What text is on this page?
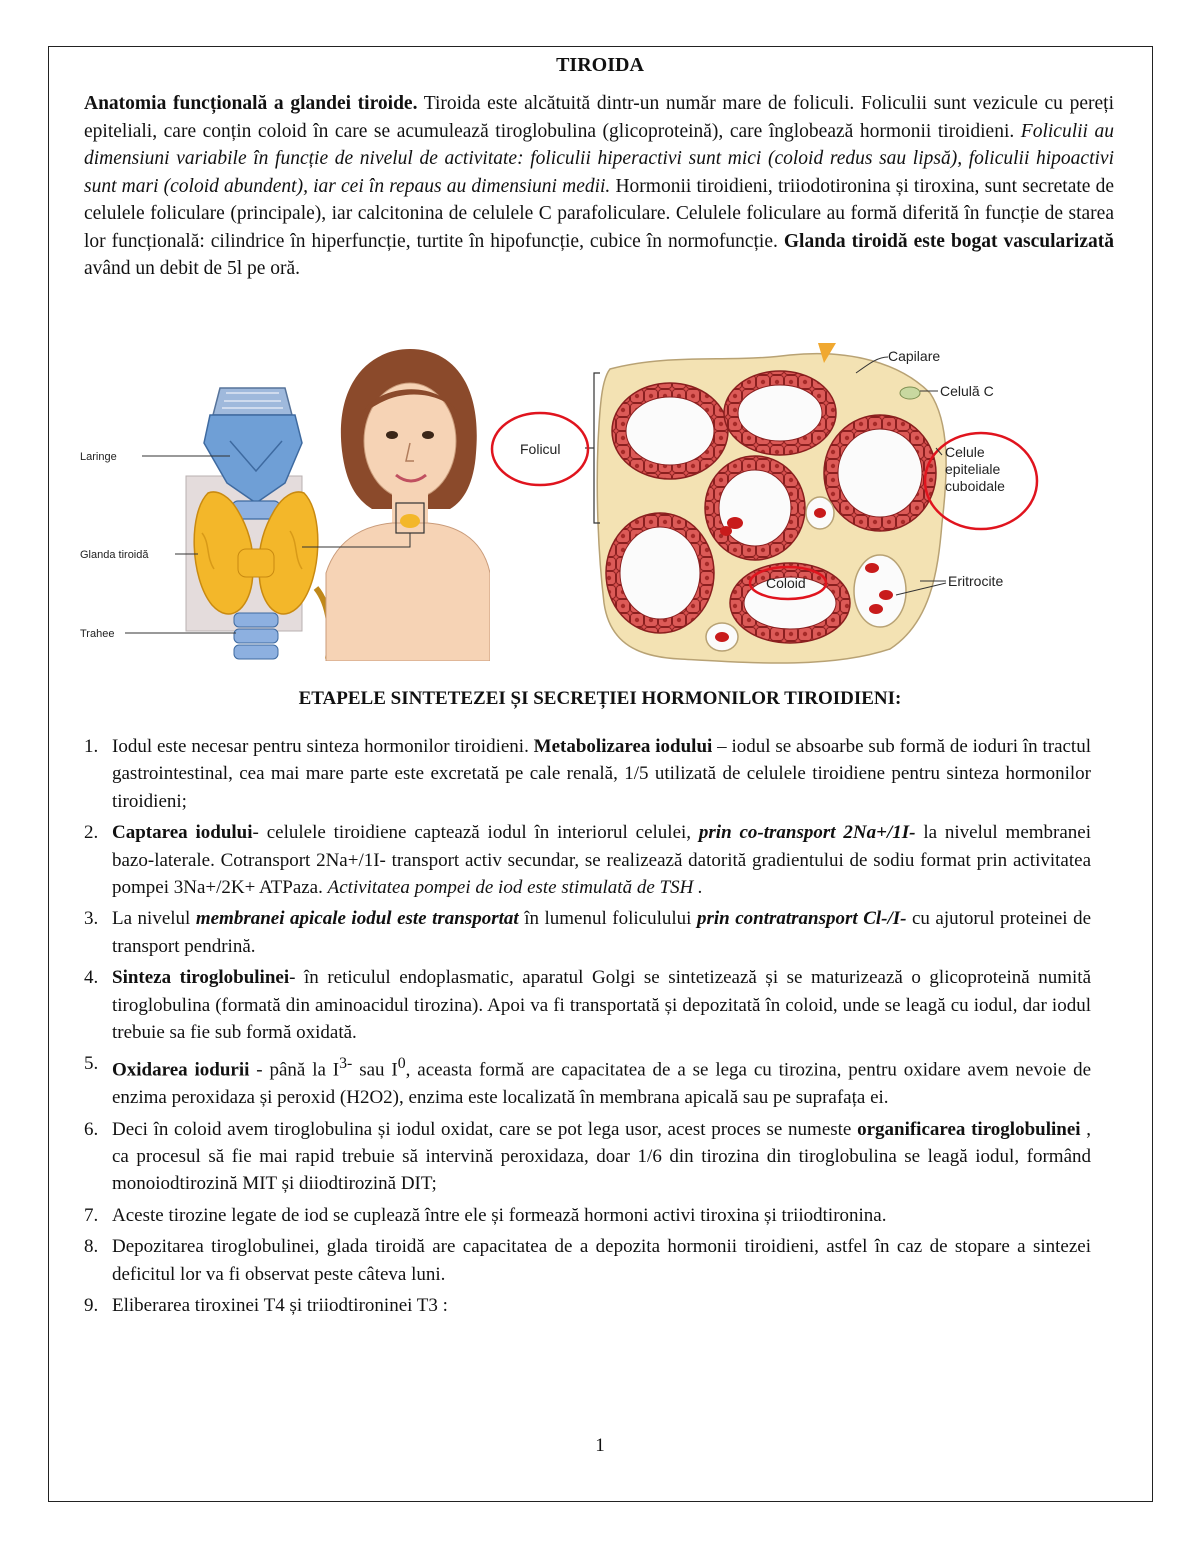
TIROIDA
Anatomia funcțională a glandei tiroide. Tiroida este alcătuită dintr-un număr mare de foliculi. Foliculii sunt vezicule cu pereți epiteliali, care conțin coloid în care se acumulează tiroglobulina (glicoproteină), care înglobează hormonii tiroidieni. Foliculii au dimensiuni variabile în funcție de nivelul de activitate: foliculii hiperactivi sunt mici (coloid redus sau lipsă), foliculii hipoactivi sunt mari (coloid abundent), iar cei în repaus au dimensiuni medii. Hormonii tiroidieni, triiodotironina și tiroxina, sunt secretate de celulele foliculare (principale), iar calcitonina de celulele C parafoliculare. Celulele foliculare au formă diferită în funcție de starea lor funcțională: cilindrice în hiperfuncție, turtite în hipofuncție, cubice în normofuncție. Glanda tiroidă este bogat vascularizată având un debit de 5l pe oră.
Laringe
Glanda tiroidă
Trahee
Folicul
Capilare
Celulă C
Celule
epiteliale
cuboidale
Coloid	Eritrocite
ETAPELE SINTETEZEI ȘI SECREȚIEI HORMONILOR TIROIDIENI:
1. Iodul este necesar pentru sinteza hormonilor tiroidieni. Metabolizarea iodului – iodul se absoarbe sub formă de ioduri în tractul gastrointestinal, cea mai mare parte este excretată pe cale renală, 1/5 utilizată de celulele tiroidiene pentru sinteza hormonilor tiroidieni;
2. Captarea iodului- celulele tiroidiene captează iodul în interiorul celulei, prin co-transport 2Na+/1I- la nivelul membranei bazo-laterale. Cotransport 2Na+/1I- transport activ secundar, se realizează datorită gradientului de sodiu format prin activitatea pompei 3Na+/2K+ ATPaza. Activitatea pompei de iod este stimulată de TSH .
3. La nivelul membranei apicale iodul este transportat în lumenul foliculului prin contratransport Cl-/I- cu ajutorul proteinei de transport pendrină.
4. Sinteza tiroglobulinei- în reticulul endoplasmatic, aparatul Golgi se sintetizează și se maturizează o glicoproteină numită tiroglobulina (formată din aminoacidul tirozina). Apoi va fi transportată și depozitată în coloid, unde se leagă cu iodul, dar iodul trebuie sa fie sub formă oxidată.
5. Oxidarea iodurii - până la $I^{3-}$ sau $I^0$, aceasta formă are capacitatea de a se lega cu tirozina, pentru oxidare avem nevoie de enzima peroxidaza și peroxid (H2O2), enzima este localizată în membrana apicală sau pe suprafața ei.
6. Deci în coloid avem tiroglobulina și iodul oxidat, care se pot lega usor, acest proces se numeste organificarea tiroglobulinei , ca procesul să fie mai rapid trebuie să intervină peroxidaza, doar 1/6 din tirozina din tiroglobulina se leagă iodul, formând monoiodtirozină MIT și diiodtirozină DIT;
7. Aceste tirozine legate de iod se cuplează între ele și formează hormoni activi tiroxina și triiodtironina.
8. Depozitarea tiroglobulinei, glada tiroidă are capacitatea de a depozita hormonii tiroidieni, astfel în caz de stopare a sintezei deficitul lor va fi observat peste câteva luni.
9. Eliberarea tiroxinei T4 și triiodtironinei T3 :
1
